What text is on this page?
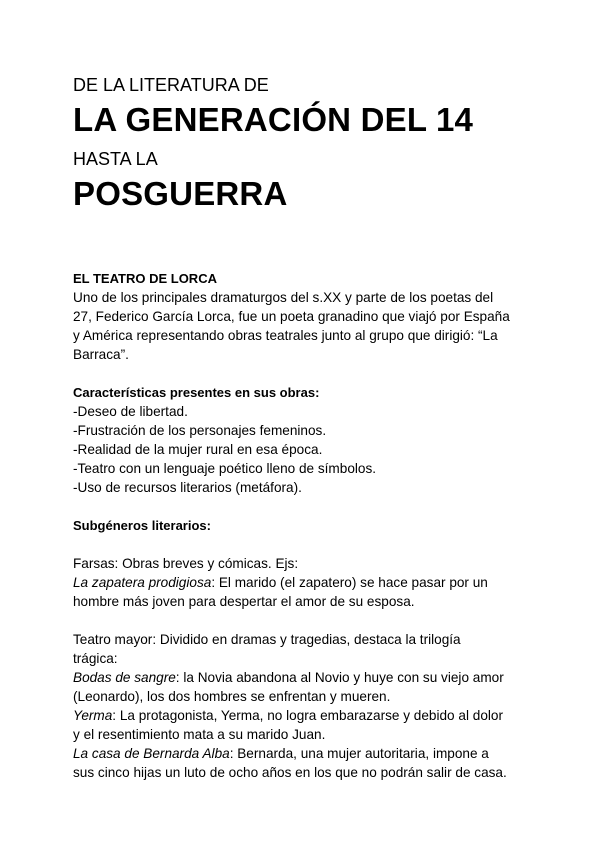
DE LA LITERATURA DE
LA GENERACIÓN DEL 14
HASTA LA
POSGUERRA

EL TEATRO DE LORCA

Uno de los principales dramaturgos del s.XX y parte de los poetas del

27, Federico García Lorca, fue un poeta granadino que viajó por España

y América representando obras teatrales junto al grupo que dirigió: “La

Barraca”.

Características presentes en sus obras:

-Deseo de libertad.

-Frustración de los personajes femeninos.

-Realidad de la mujer rural en esa época.

-Teatro con un lenguaje poético lleno de símbolos.

-Uso de recursos literarios (metáfora).

Subgéneros literarios:

Farsas: Obras breves y cómicas. Ejs:

La zapatera prodigiosa: El marido (el zapatero) se hace pasar por un

hombre más joven para despertar el amor de su esposa.

Teatro mayor: Dividido en dramas y tragedias, destaca la trilogía

trágica:

Bodas de sangre: la Novia abandona al Novio y huye con su viejo amor

(Leonardo), los dos hombres se enfrentan y mueren.

Yerma: La protagonista, Yerma, no logra embarazarse y debido al dolor

y el resentimiento mata a su marido Juan.

La casa de Bernarda Alba: Bernarda, una mujer autoritaria, impone a

sus cinco hijas un luto de ocho años en los que no podrán salir de casa.
